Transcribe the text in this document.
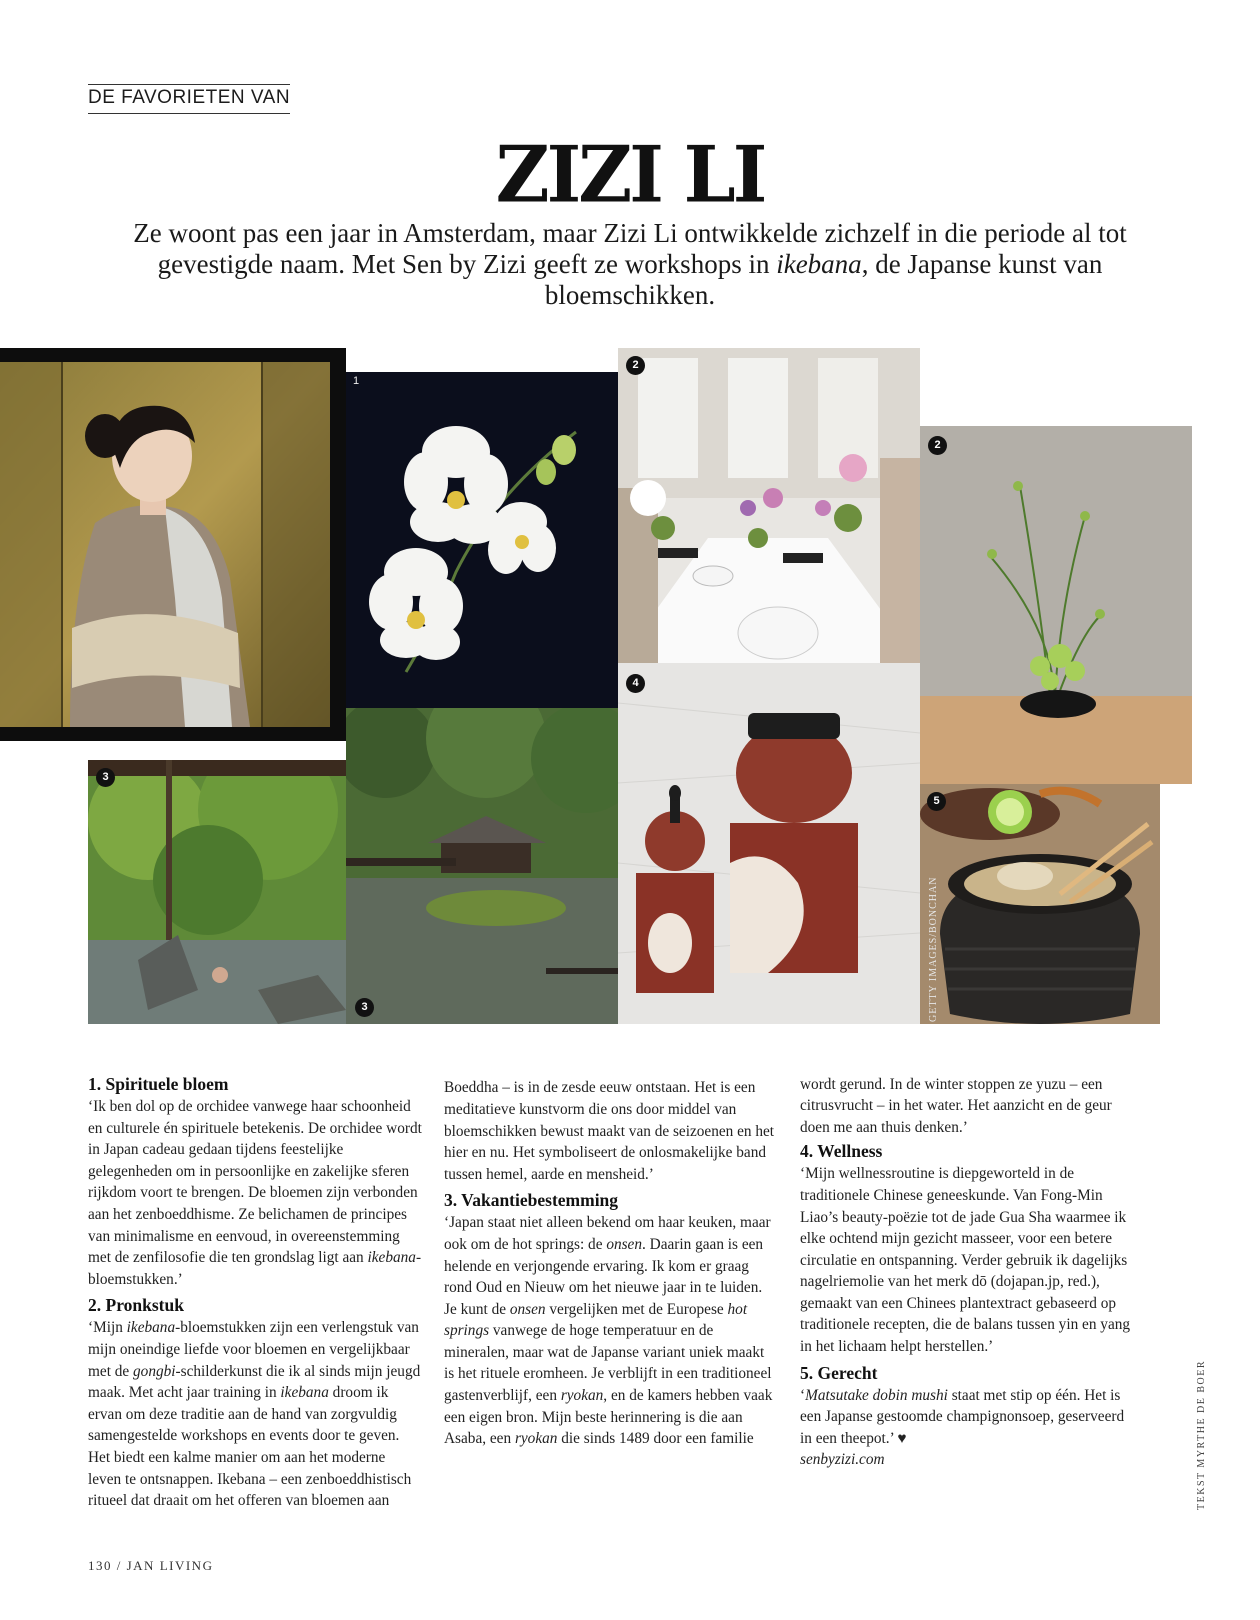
DE FAVORIETEN VAN
ZIZI LI
Ze woont pas een jaar in Amsterdam, maar Zizi Li ontwikkelde zichzelf in die periode al tot gevestigde naam. Met Sen by Zizi geeft ze workshops in ikebana, de Japanse kunst van bloemschikken.
1
2
2
3
3
4
GETTY IMAGES/BONCHAN
5
1. Spirituele bloem

‘Ik ben dol op de orchidee vanwege haar schoonheid en culturele én spirituele betekenis. De orchidee wordt in Japan cadeau gedaan tijdens feestelijke gelegenheden om in persoonlijke en zakelijke sferen rijkdom voort te brengen. De bloemen zijn verbonden aan het zenboeddhisme. Ze belichamen de principes van minimalisme en eenvoud, in overeenstemming met de zenfilosofie die ten grondslag ligt aan ikebana-bloemstukken.’

2. Pronkstuk

‘Mijn ikebana-bloemstukken zijn een verlengstuk van mijn oneindige liefde voor bloemen en vergelijkbaar met de gongbi-schilderkunst die ik al sinds mijn jeugd maak. Met acht jaar training in ikebana droom ik ervan om deze traditie aan de hand van zorgvuldig samengestelde workshops en events door te geven. Het biedt een kalme manier om aan het moderne leven te ontsnappen. Ikebana – een zenboeddhistisch ritueel dat draait om het offeren van bloemen aan

Boeddha – is in de zesde eeuw ontstaan. Het is een meditatieve kunstvorm die ons door middel van bloemschikken bewust maakt van de seizoenen en het hier en nu. Het symboliseert de onlosmakelijke band tussen hemel, aarde en mensheid.’

3. Vakantiebestemming

‘Japan staat niet alleen bekend om haar keuken, maar ook om de hot springs: de onsen. Daarin gaan is een helende en verjongende ervaring. Ik kom er graag rond Oud en Nieuw om het nieuwe jaar in te luiden. Je kunt de onsen vergelijken met de Europese hot springs vanwege de hoge temperatuur en de mineralen, maar wat de Japanse variant uniek maakt is het rituele eromheen. Je verblijft in een traditioneel gastenverblijf, een ryokan, en de kamers hebben vaak een eigen bron. Mijn beste herinnering is die aan Asaba, een ryokan die sinds 1489 door een familie

wordt gerund. In de winter stoppen ze yuzu – een citrusvrucht – in het water. Het aanzicht en de geur doen me aan thuis denken.’

4. Wellness

‘Mijn wellnessroutine is diepgeworteld in de traditionele Chinese geneeskunde. Van Fong-Min Liao’s beauty-poëzie tot de jade Gua Sha waarmee ik elke ochtend mijn gezicht masseer, voor een betere circulatie en ontspanning. Verder gebruik ik dagelijks nagelriemolie van het merk dō (dojapan.jp, red.), gemaakt van een Chinees plantextract gebaseerd op traditionele recepten, die de balans tussen yin en yang in het lichaam helpt herstellen.’

5. Gerecht

‘Matsutake dobin mushi staat met stip op één. Het is een Japanse gestoomde champignonsoep, geserveerd in een theepot.’ ♥

senbyzizi.com

130 / JAN LIVING
TEKST MYRTHE DE BOER
